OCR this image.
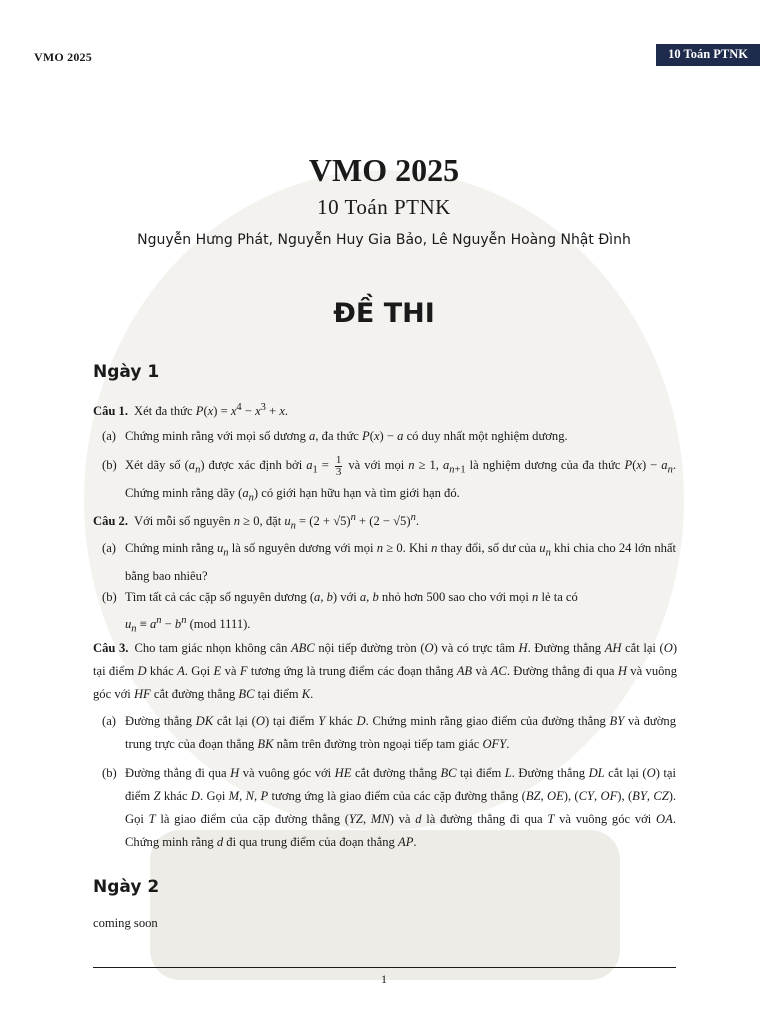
VMO 2025	10 Toán PTNK
VMO 2025
10 Toán PTNK
Nguyễn Hưng Phát, Nguyễn Huy Gia Bảo, Lê Nguyễn Hoàng Nhật Đình
ĐỀ THI
Ngày 1
Câu 1. Xét đa thức $P(x) = x^4 - x^3 + x$.
(a) Chứng minh rằng với mọi số dương a, đa thức P(x) − a có duy nhất một nghiệm dương.
(b) Xét dãy số $(a_n)$ được xác định bởi $a_1 = \frac{1}{3}$ và với mọi n ≥ 1, $a_{n+1}$ là nghiệm dương của đa thức $P(x) - a_n$. Chứng minh rằng dãy $(a_n)$ có giới hạn hữu hạn và tìm giới hạn đó.
Câu 2. Với mỗi số nguyên n ≥ 0, đặt $u_n = (2 + √5)^n + (2 - √5)^n$.
(a) Chứng minh rằng $u_n$ là số nguyên dương với mọi n ≥ 0. Khi n thay đổi, số dư của $u_n$ khi chia cho 24 lớn nhất bằng bao nhiêu?
(b) Tìm tất cả các cặp số nguyên dương (a, b) với a, b nhỏ hơn 500 sao cho với mọi n lẻ ta có
$u_n \equiv a^n - b^n$ (mod 1111).
Câu 3. Cho tam giác nhọn không cân ABC nội tiếp đường tròn (O) và có trực tâm H. Đường thẳng AH cắt lại (O) tại điểm D khác A. Gọi E và F tương ứng là trung điểm các đoạn thẳng AB và AC. Đường thẳng đi qua H và vuông góc với HF cắt đường thẳng BC tại điểm K.
(a) Đường thẳng DK cắt lại (O) tại điểm Y khác D. Chứng minh rằng giao điểm của đường thẳng BY và đường trung trực của đoạn thẳng BK nằm trên đường tròn ngoại tiếp tam giác OFY.
(b) Đường thẳng đi qua H và vuông góc với HE cắt đường thẳng BC tại điểm L. Đường thẳng DL cắt lại (O) tại điểm Z khác D. Gọi M, N, P tương ứng là giao điểm của các cặp đường thẳng (BZ, OE), (CY, OF), (BY, CZ). Gọi T là giao điểm của cặp đường thẳng (YZ, MN) và d là đường thẳng đi qua T và vuông góc với OA. Chứng minh rằng d đi qua trung điểm của đoạn thẳng AP.
Ngày 2
coming soon
1
